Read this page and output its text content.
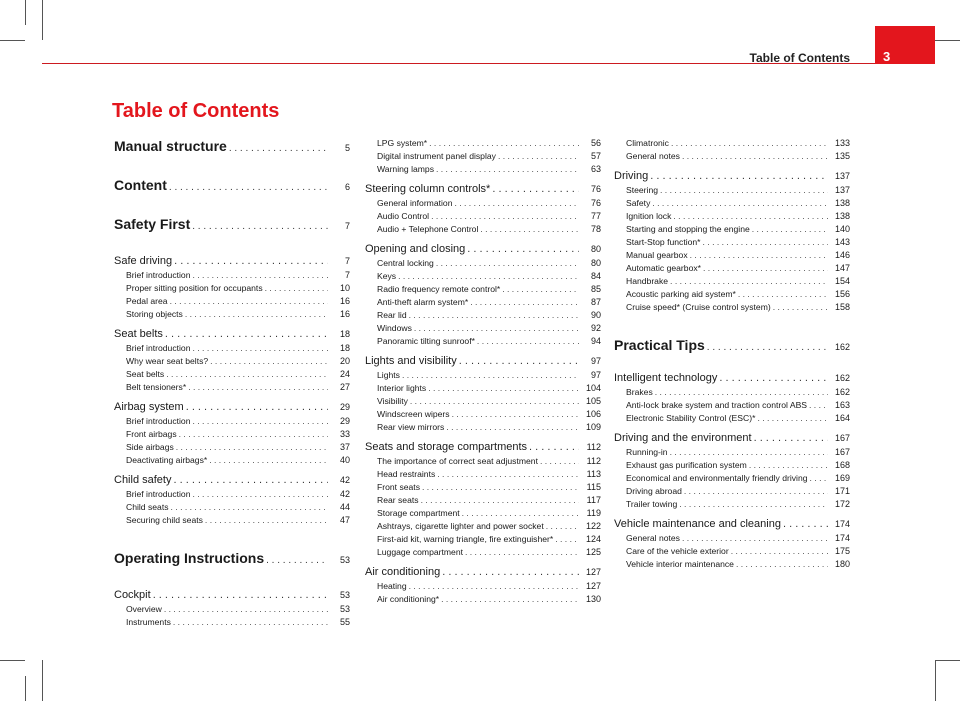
Table of Contents	3
Table of Contents
Manual structure . . .	5
Content . . .	6
Safety First . . .	7
Safe driving . . .	7
Brief introduction . . .	7
Proper sitting position for occupants . . .	10
Pedal area . . .	16
Storing objects . . .	16
Seat belts . . .	18
Brief introduction . . .	18
Why wear seat belts? . . .	20
Seat belts . . .	24
Belt tensioners* . . .	27
Airbag system . . .	29
Brief introduction . . .	29
Front airbags . . .	33
Side airbags . . .	37
Deactivating airbags* . . .	40
Child safety . . .	42
Brief introduction . . .	42
Child seats . . .	44
Securing child seats . . .	47
Operating Instructions . . .	53
Cockpit . . .	53
Overview . . .	53
Instruments . . .	55
LPG system* . . .	56
Digital instrument panel display . . .	57
Warning lamps . . .	63
Steering column controls* . . .	76
General information . . .	76
Audio Control . . .	77
Audio + Telephone Control . . .	78
Opening and closing . . .	80
Central locking . . .	80
Keys . . .	84
Radio frequency remote control* . . .	85
Anti-theft alarm system* . . .	87
Rear lid . . .	90
Windows . . .	92
Panoramic tilting sunroof* . . .	94
Lights and visibility . . .	97
Lights . . .	97
Interior lights . . .	104
Visibility . . .	105
Windscreen wipers . . .	106
Rear view mirrors . . .	109
Seats and storage compartments . . .	112
The importance of correct seat adjustment . . .	112
Head restraints . . .	113
Front seats . . .	115
Rear seats . . .	117
Storage compartment . . .	119
Ashtrays, cigarette lighter and power socket . . .	122
First-aid kit, warning triangle, fire extinguisher* . . .	124
Luggage compartment . . .	125
Air conditioning . . .	127
Heating . . .	127
Air conditioning* . . .	130
Climatronic . . .	133
General notes . . .	135
Driving . . .	137
Steering . . .	137
Safety . . .	138
Ignition lock . . .	138
Starting and stopping the engine . . .	140
Start-Stop function* . . .	143
Manual gearbox . . .	146
Automatic gearbox* . . .	147
Handbrake . . .	154
Acoustic parking aid system* . . .	156
Cruise speed* (Cruise control system) . . .	158
Practical Tips . . .	162
Intelligent technology . . .	162
Brakes . . .	162
Anti-lock brake system and traction control ABS . . .	163
Electronic Stability Control (ESC)* . . .	164
Driving and the environment . . .	167
Running-in . . .	167
Exhaust gas purification system . . .	168
Economical and environmentally friendly driving . . .	169
Driving abroad . . .	171
Trailer towing . . .	172
Vehicle maintenance and cleaning . . .	174
General notes . . .	174
Care of the vehicle exterior . . .	175
Vehicle interior maintenance . . .	180
